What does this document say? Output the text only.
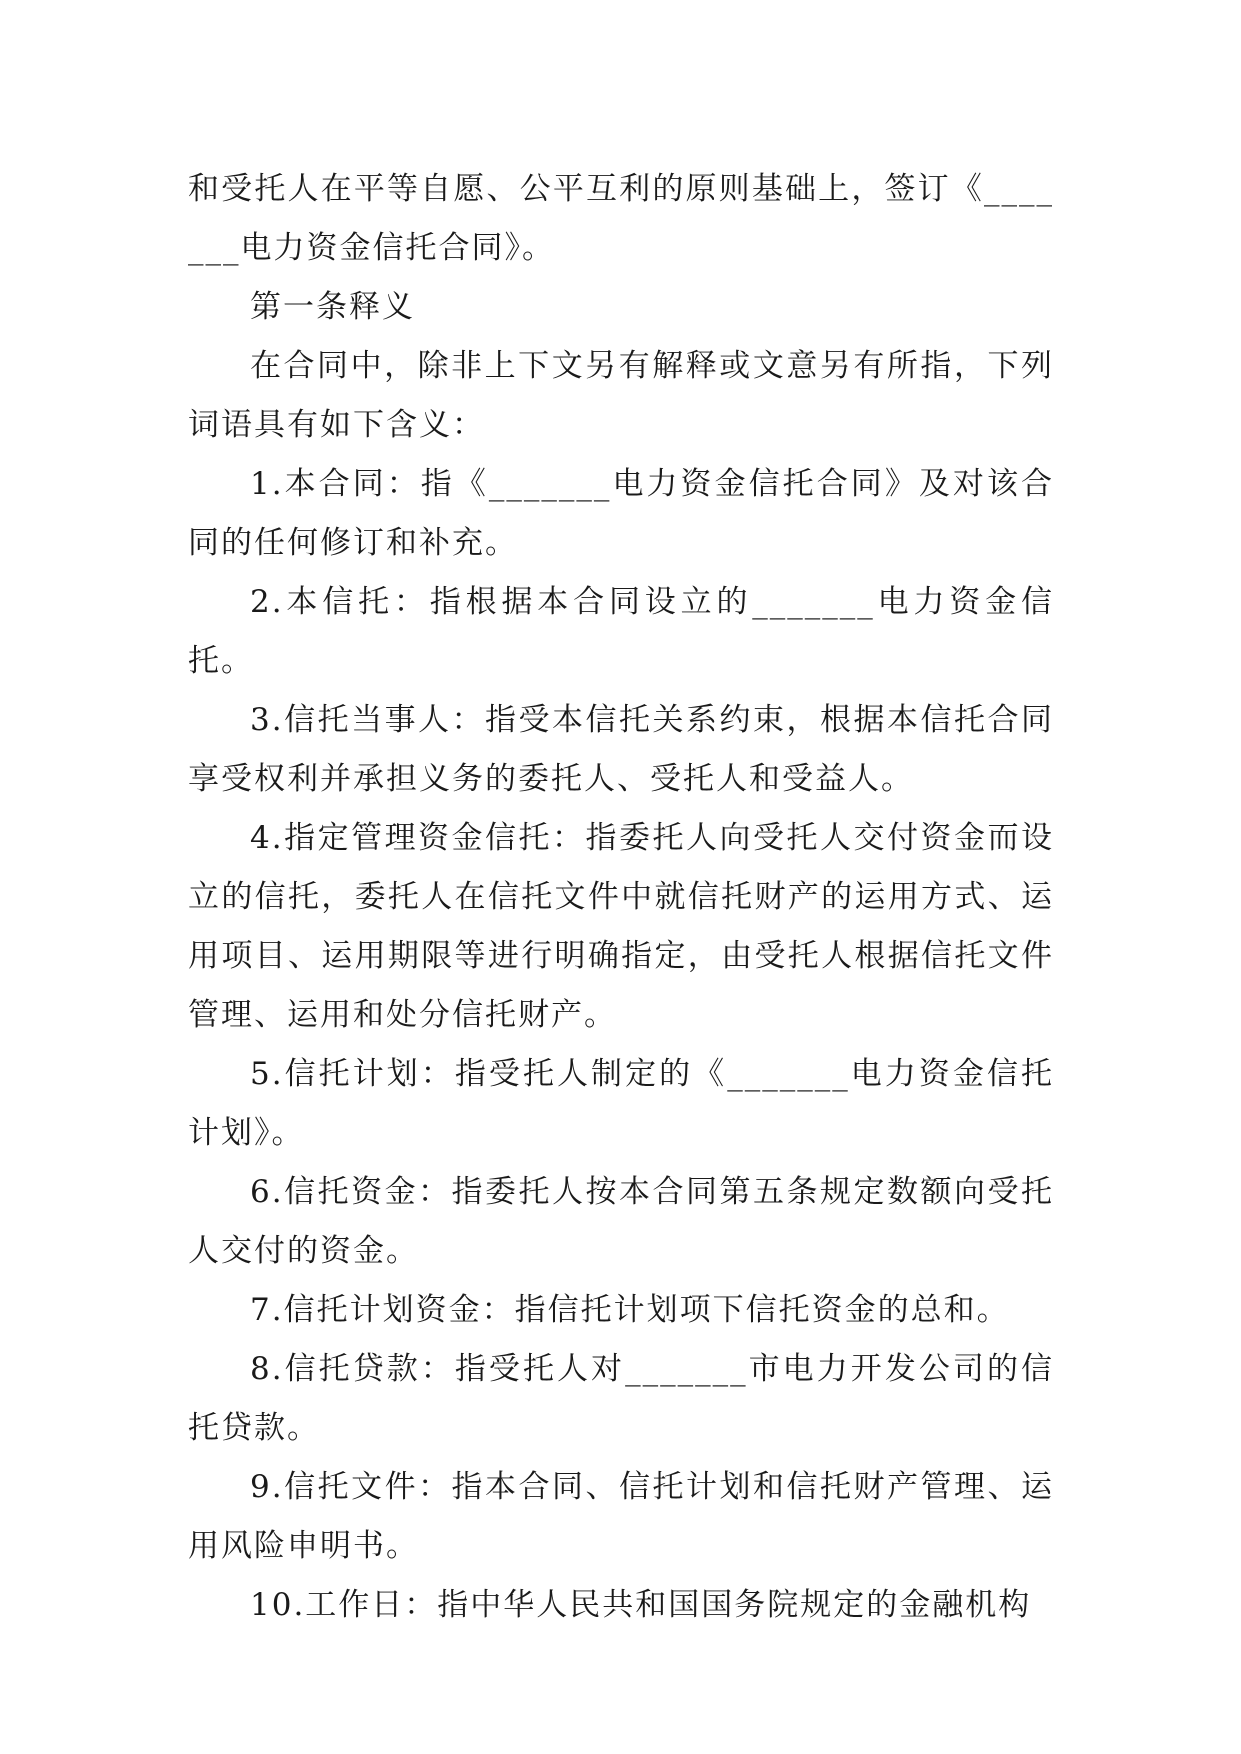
和受托人在平等自愿、公平互利的原则基础上，签订《_______电力资金信托合同》。

第一条释义

在合同中，除非上下文另有解释或文意另有所指，下列词语具有如下含义：

1.本合同：指《_______电力资金信托合同》及对该合同的任何修订和补充。

2.本信托：指根据本合同设立的_______电力资金信托。

3.信托当事人：指受本信托关系约束，根据本信托合同享受权利并承担义务的委托人、受托人和受益人。

4.指定管理资金信托：指委托人向受托人交付资金而设立的信托，委托人在信托文件中就信托财产的运用方式、运用项目、运用期限等进行明确指定，由受托人根据信托文件管理、运用和处分信托财产。

5.信托计划：指受托人制定的《_______电力资金信托计划》。

6.信托资金：指委托人按本合同第五条规定数额向受托人交付的资金。

7.信托计划资金：指信托计划项下信托资金的总和。

8.信托贷款：指受托人对_______市电力开发公司的信托贷款。

9.信托文件：指本合同、信托计划和信托财产管理、运用风险申明书。

10.工作日：指中华人民共和国国务院规定的金融机构
